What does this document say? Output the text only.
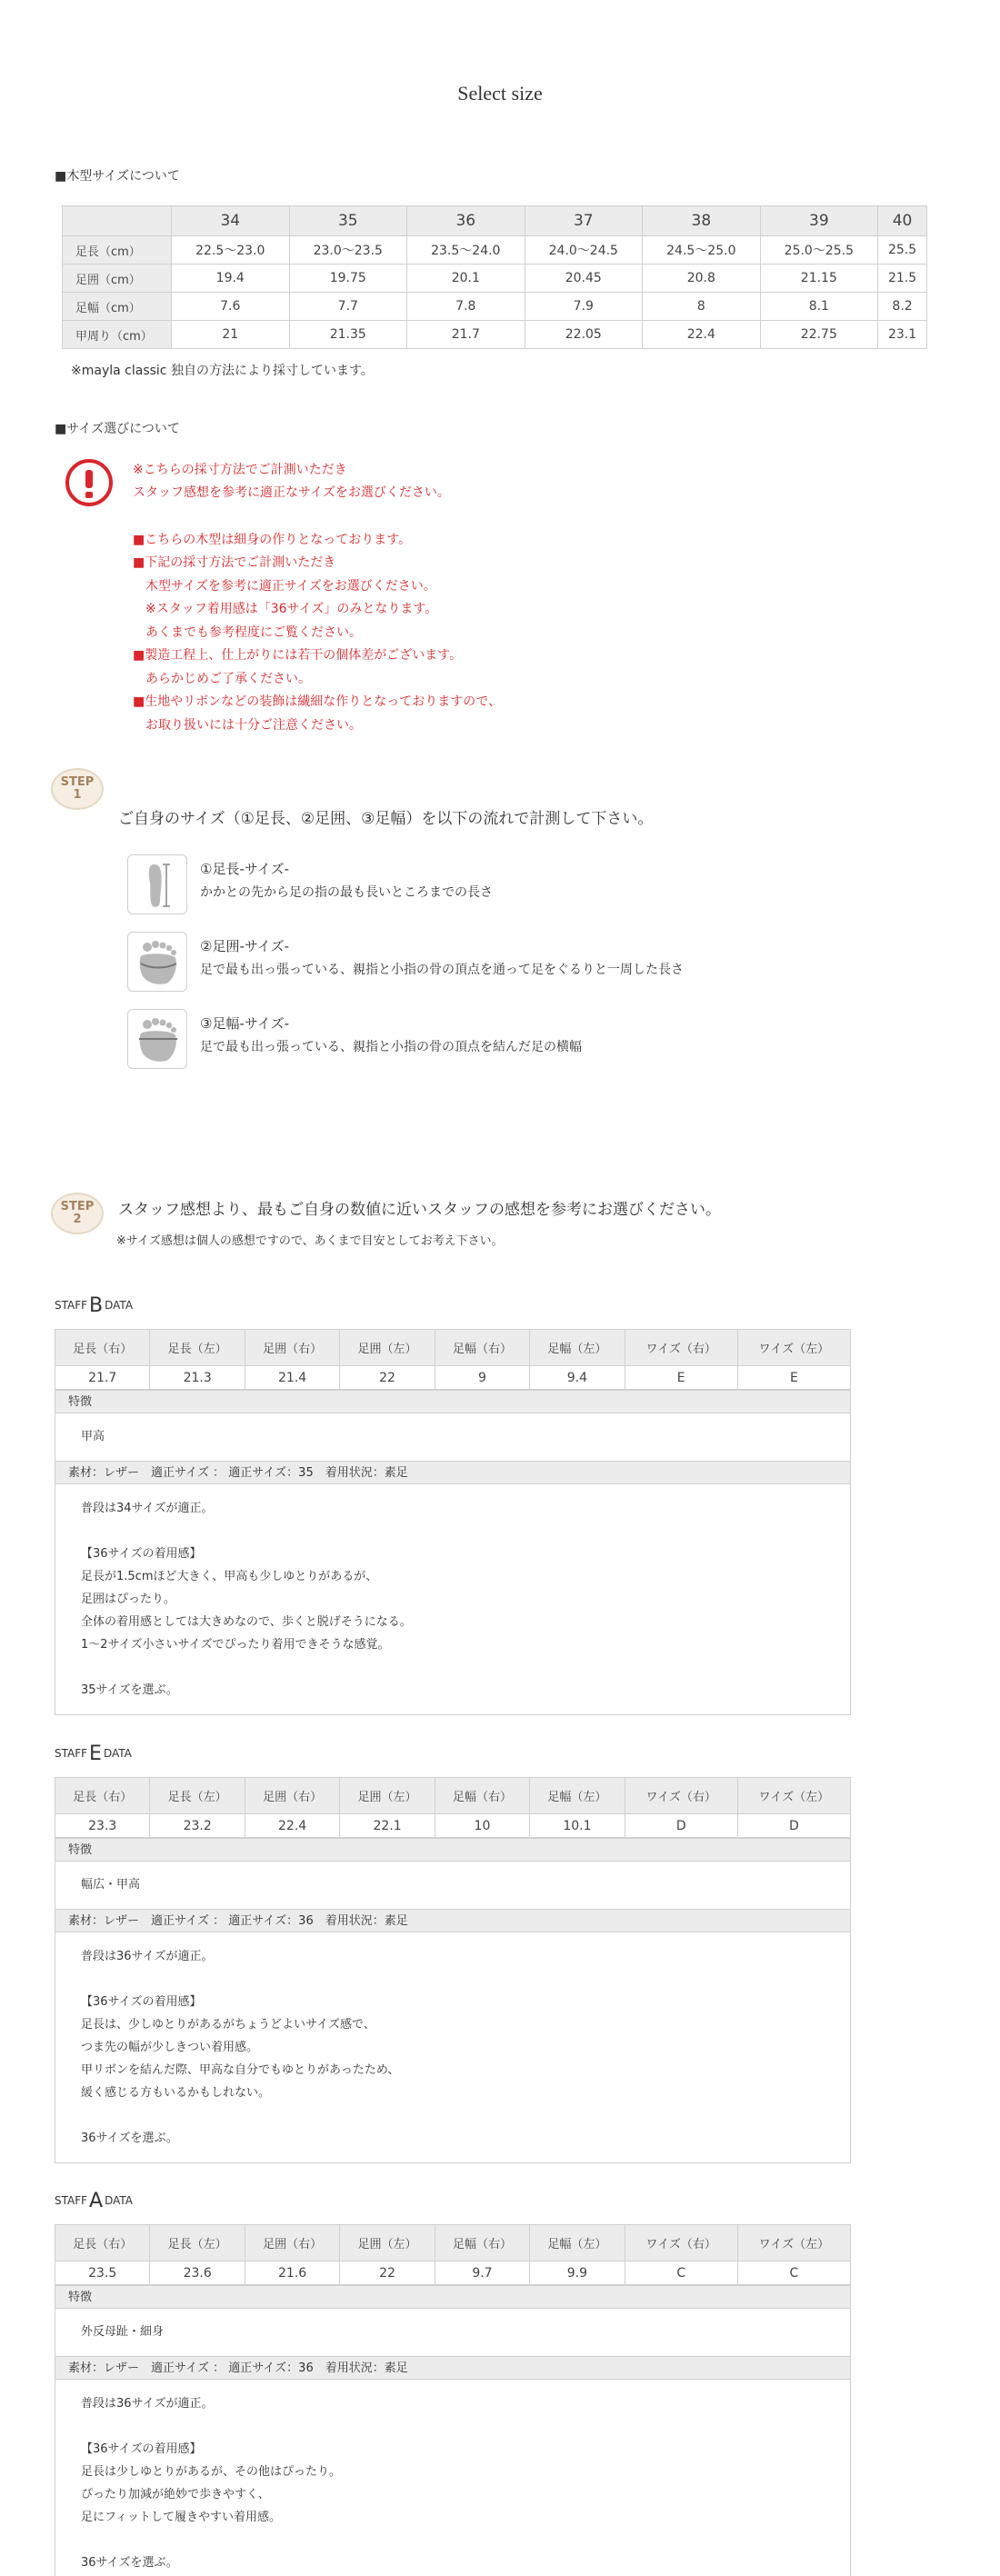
Select size
■木型サイズについて
	34	35	36	37	38	39	40
足長（cm）	22.5〜23.0	23.0〜23.5	23.5〜24.0	24.0〜24.5	24.5〜25.0	25.0〜25.5	25.5
足囲（cm）	19.4	19.75	20.1	20.45	20.8	21.15	21.5
足幅（cm）	7.6	7.7	7.8	7.9	8	8.1	8.2
甲周り（cm）	21	21.35	21.7	22.05	22.4	22.75	23.1
※mayla classic 独自の方法により採寸しています。
■サイズ選びについて
※こちらの採寸方法でご計測いただき
スタッフ感想を参考に適正なサイズをお選びください。
■こちらの木型は細身の作りとなっております。
■下記の採寸方法でご計測いただき
　木型サイズを参考に適正サイズをお選びください。
　※スタッフ着用感は「36サイズ」のみとなります。
　あくまでも参考程度にご覧ください。
■製造工程上、仕上がりには若干の個体差がございます。
　あらかじめご了承ください。
■生地やリボンなどの装飾は繊細な作りとなっておりますので、
　お取り扱いには十分ご注意ください。
STEP
1
ご自身のサイズ（①足長、②足囲、③足幅）を以下の流れで計測して下さい。
①足長-サイズ-
かかとの先から足の指の最も長いところまでの長さ
②足囲-サイズ-
足で最も出っ張っている、親指と小指の骨の頂点を通って足をぐるりと一周した長さ
③足幅-サイズ-
足で最も出っ張っている、親指と小指の骨の頂点を結んだ足の横幅
STEP
2
スタッフ感想より、最もご自身の数値に近いスタッフの感想を参考にお選びください。
※サイズ感想は個人の感想ですので、あくまで目安としてお考え下さい。
STAFFB DATA
足長（右）	足長（左）	足囲（右）	足囲（左）	足幅（右）	足幅（左）	ワイズ（右）	ワイズ（左）
21.7	21.3	21.4	22	9	9.4	E	E
特徴
甲高
素材：レザー　適正サイズ ： 適正サイズ：35　着用状況：素足
普段は34サイズが適正。
【36サイズの着用感】
足長が1.5cmほど大きく、甲高も少しゆとりがあるが、
足囲はぴったり。
全体の着用感としては大きめなので、歩くと脱げそうになる。
1〜2サイズ小さいサイズでぴったり着用できそうな感覚。
35サイズを選ぶ。
STAFFE DATA
足長（右）	足長（左）	足囲（右）	足囲（左）	足幅（右）	足幅（左）	ワイズ（右）	ワイズ（左）
23.3	23.2	22.4	22.1	10	10.1	D	D
特徴
幅広・甲高
素材：レザー　適正サイズ ： 適正サイズ：36　着用状況：素足
普段は36サイズが適正。
【36サイズの着用感】
足長は、少しゆとりがあるがちょうどよいサイズ感で、
つま先の幅が少しきつい着用感。
甲リボンを結んだ際、甲高な自分でもゆとりがあったため、
緩く感じる方もいるかもしれない。
36サイズを選ぶ。
STAFFA DATA
足長（右）	足長（左）	足囲（右）	足囲（左）	足幅（右）	足幅（左）	ワイズ（右）	ワイズ（左）
23.5	23.6	21.6	22	9.7	9.9	C	C
特徴
外反母趾・細身
素材：レザー　適正サイズ ： 適正サイズ：36　着用状況：素足
普段は36サイズが適正。
【36サイズの着用感】
足長は少しゆとりがあるが、その他はぴったり。
ぴったり加減が絶妙で歩きやすく、
足にフィットして履きやすい着用感。
36サイズを選ぶ。
